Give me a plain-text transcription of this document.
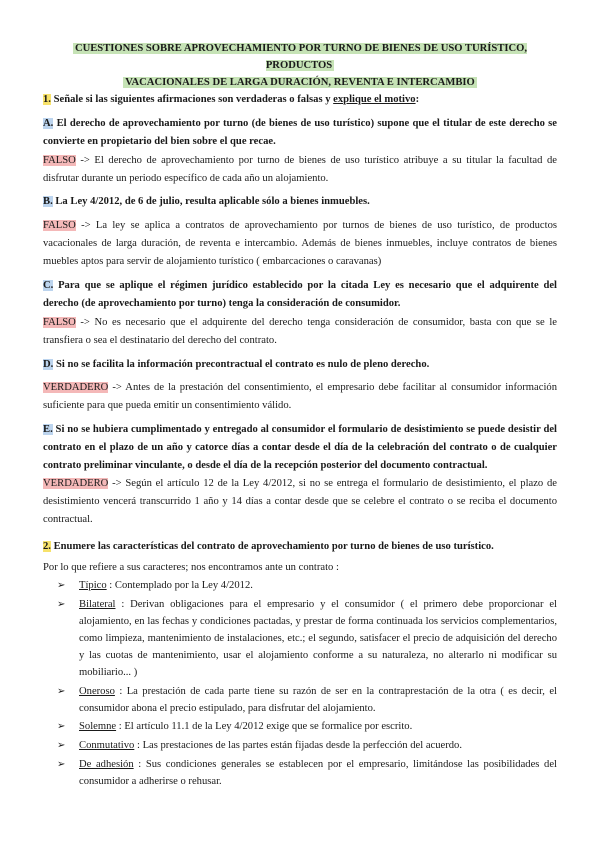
CUESTIONES SOBRE APROVECHAMIENTO POR TURNO DE BIENES DE USO TURÍSTICO, PRODUCTOS
VACACIONALES DE LARGA DURACIÓN, REVENTA E INTERCAMBIO

1. Señale si las siguientes afirmaciones son verdaderas o falsas y explique el motivo:

A. El derecho de aprovechamiento por turno (de bienes de uso turístico) supone que el titular de este derecho se convierte en propietario del bien sobre el que recae.

FALSO -> El derecho de aprovechamiento por turno de bienes de uso turístico atribuye a su titular la facultad de disfrutar durante un periodo específico de cada año un alojamiento.

B. La Ley 4/2012, de 6 de julio, resulta aplicable sólo a bienes inmuebles.

FALSO -> La ley se aplica a contratos de aprovechamiento por turnos de bienes de uso turístico, de productos vacacionales de larga duración, de reventa e intercambio. Además de bienes inmuebles, incluye contratos de bienes muebles aptos para servir de alojamiento turístico ( embarcaciones o caravanas)

C. Para que se aplique el régimen jurídico establecido por la citada Ley es necesario que el adquirente del derecho (de aprovechamiento por turno) tenga la consideración de consumidor.

FALSO -> No es necesario que el adquirente del derecho tenga consideración de consumidor, basta con que se le transfiera o sea el destinatario del derecho del contrato.

D. Si no se facilita la información precontractual el contrato es nulo de pleno derecho.

VERDADERO -> Antes de la prestación del consentimiento, el empresario debe facilitar al consumidor información suficiente para que pueda emitir un consentimiento válido.

E. Si no se hubiera cumplimentado y entregado al consumidor el formulario de desistimiento se puede desistir del contrato en el plazo de un año y catorce días a contar desde el día de la celebración del contrato o de cualquier contrato preliminar vinculante, o desde el día de la recepción posterior del documento contractual.

VERDADERO -> Según el artículo 12 de la Ley 4/2012, si no se entrega el formulario de desistimiento, el plazo de desistimiento vencerá transcurrido 1 año y 14 días a contar desde que se celebre el contrato o se reciba el documento contractual.

2. Enumere las características del contrato de aprovechamiento por turno de bienes de uso turístico.

Por lo que refiere a sus caracteres; nos encontramos ante un contrato :

➢ Típico : Contemplado por la Ley 4/2012.
➢ Bilateral : Derivan obligaciones para el empresario y el consumidor ( el primero debe proporcionar el alojamiento, en las fechas y condiciones pactadas, y prestar de forma continuada los servicios complementarios, como limpieza, mantenimiento de instalaciones, etc.; el segundo, satisfacer el precio de adquisición del derecho y las cuotas de mantenimiento, usar el alojamiento conforme a su naturaleza, no alterarlo ni modificar su mobiliario... )
➢ Oneroso : La prestación de cada parte tiene su razón de ser en la contraprestación de la otra ( es decir, el consumidor abona el precio estipulado, para disfrutar del alojamiento.
➢ Solemne : El artículo 11.1 de la Ley 4/2012 exige que se formalice por escrito.
➢ Conmutativo : Las prestaciones de las partes están fijadas desde la perfección del acuerdo.
➢ De adhesión : Sus condiciones generales se establecen por el empresario, limitándose las posibilidades del consumidor a adherirse o rehusar.
